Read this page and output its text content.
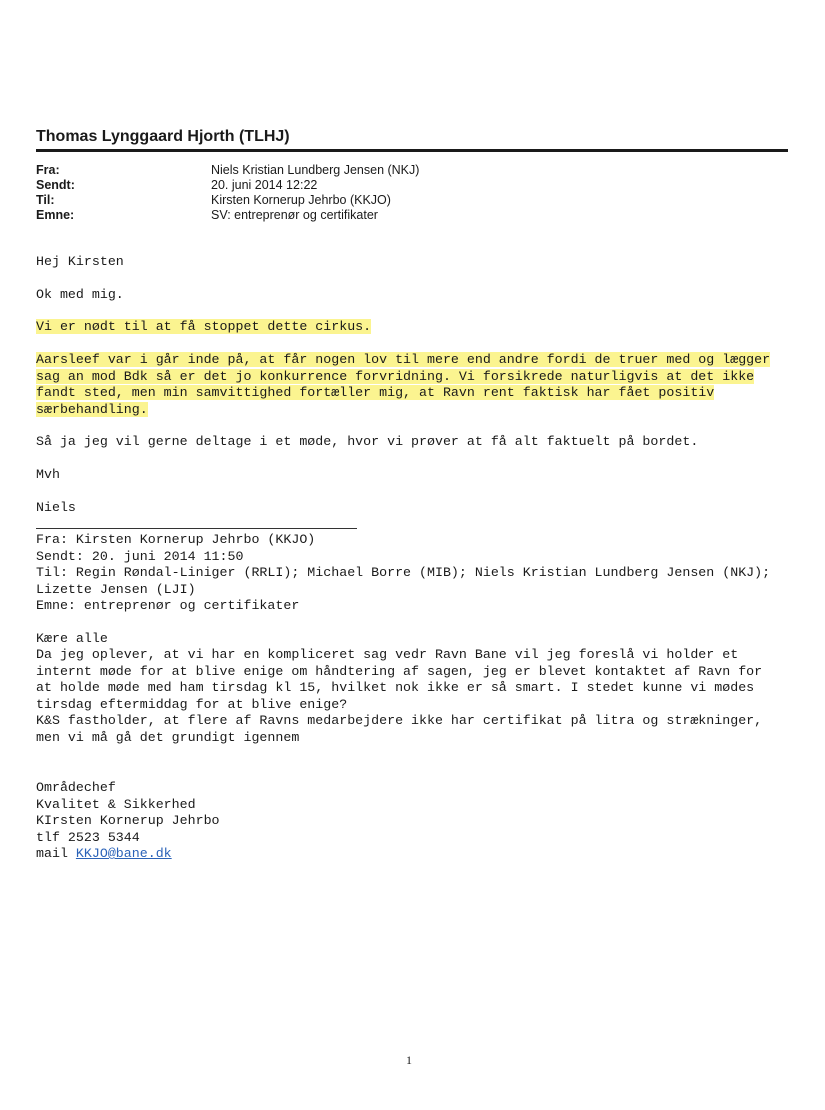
Thomas Lynggaard Hjorth (TLHJ)
Fra:	Niels Kristian Lundberg Jensen (NKJ)
Sendt:	20. juni 2014 12:22
Til:	Kirsten Kornerup Jehrbo (KKJO)
Emne:	SV: entreprenør og certifikater
Hej Kirsten
Ok med mig.
Vi er nødt til at få stoppet dette cirkus.
Aarsleef var i går inde på, at får nogen lov til mere end andre fordi de truer med og lægger
sag an mod Bdk så er det jo konkurrence forvridning. Vi forsikrede naturligvis at det ikke
fandt sted, men min samvittighed fortæller mig, at Ravn rent faktisk har fået positiv
særbehandling.
Så ja jeg vil gerne deltage i et møde, hvor vi prøver at få alt faktuelt på bordet.
Mvh
Niels
Fra: Kirsten Kornerup Jehrbo (KKJO)
Sendt: 20. juni 2014 11:50
Til: Regin Røndal-Liniger (RRLI); Michael Borre (MIB); Niels Kristian Lundberg Jensen (NKJ);
Lizette Jensen (LJI)
Emne: entreprenør og certifikater
Kære alle
Da jeg oplever, at vi har en kompliceret sag vedr Ravn Bane vil jeg foreslå vi holder et
internt møde for at blive enige om håndtering af sagen, jeg er blevet kontaktet af Ravn for
at holde møde med ham tirsdag kl 15, hvilket nok ikke er så smart. I stedet kunne vi mødes
tirsdag eftermiddag for at blive enige?
K&S fastholder, at flere af Ravns medarbejdere ikke har certifikat på litra og strækninger,
men vi må gå det grundigt igennem
Områdechef
Kvalitet & Sikkerhed
KIrsten Kornerup Jehrbo
tlf 2523 5344
mail KKJO@bane.dk
1
